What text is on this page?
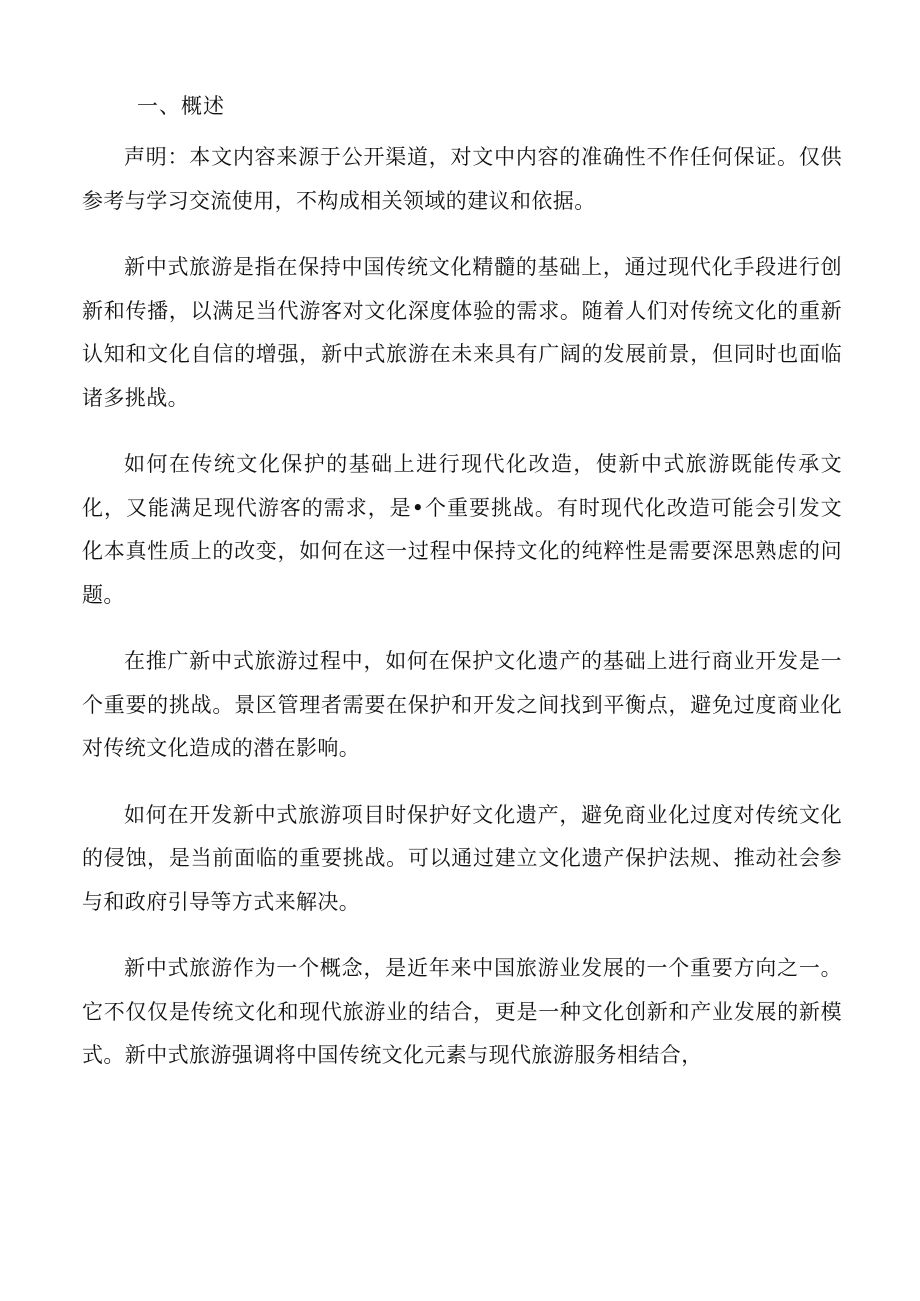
一、概述

声明：本文内容来源于公开渠道，对文中内容的准确性不作任何保证。仅供参考与学习交流使用，不构成相关领域的建议和依据。

新中式旅游是指在保持中国传统文化精髓的基础上，通过现代化手段进行创新和传播，以满足当代游客对文化深度体验的需求。随着人们对传统文化的重新认知和文化自信的增强，新中式旅游在未来具有广阔的发展前景，但同时也面临诸多挑战。

如何在传统文化保护的基础上进行现代化改造，使新中式旅游既能传承文化，又能满足现代游客的需求，是•个重要挑战。有时现代化改造可能会引发文化本真性质上的改变，如何在这一过程中保持文化的纯粹性是需要深思熟虑的问题。

在推广新中式旅游过程中，如何在保护文化遗产的基础上进行商业开发是一个重要的挑战。景区管理者需要在保护和开发之间找到平衡点，避免过度商业化对传统文化造成的潜在影响。

如何在开发新中式旅游项目时保护好文化遗产，避免商业化过度对传统文化的侵蚀，是当前面临的重要挑战。可以通过建立文化遗产保护法规、推动社会参与和政府引导等方式来解决。

新中式旅游作为一个概念，是近年来中国旅游业发展的一个重要方向之一。它不仅仅是传统文化和现代旅游业的结合，更是一种文化创新和产业发展的新模式。新中式旅游强调将中国传统文化元素与现代旅游服务相结合，
